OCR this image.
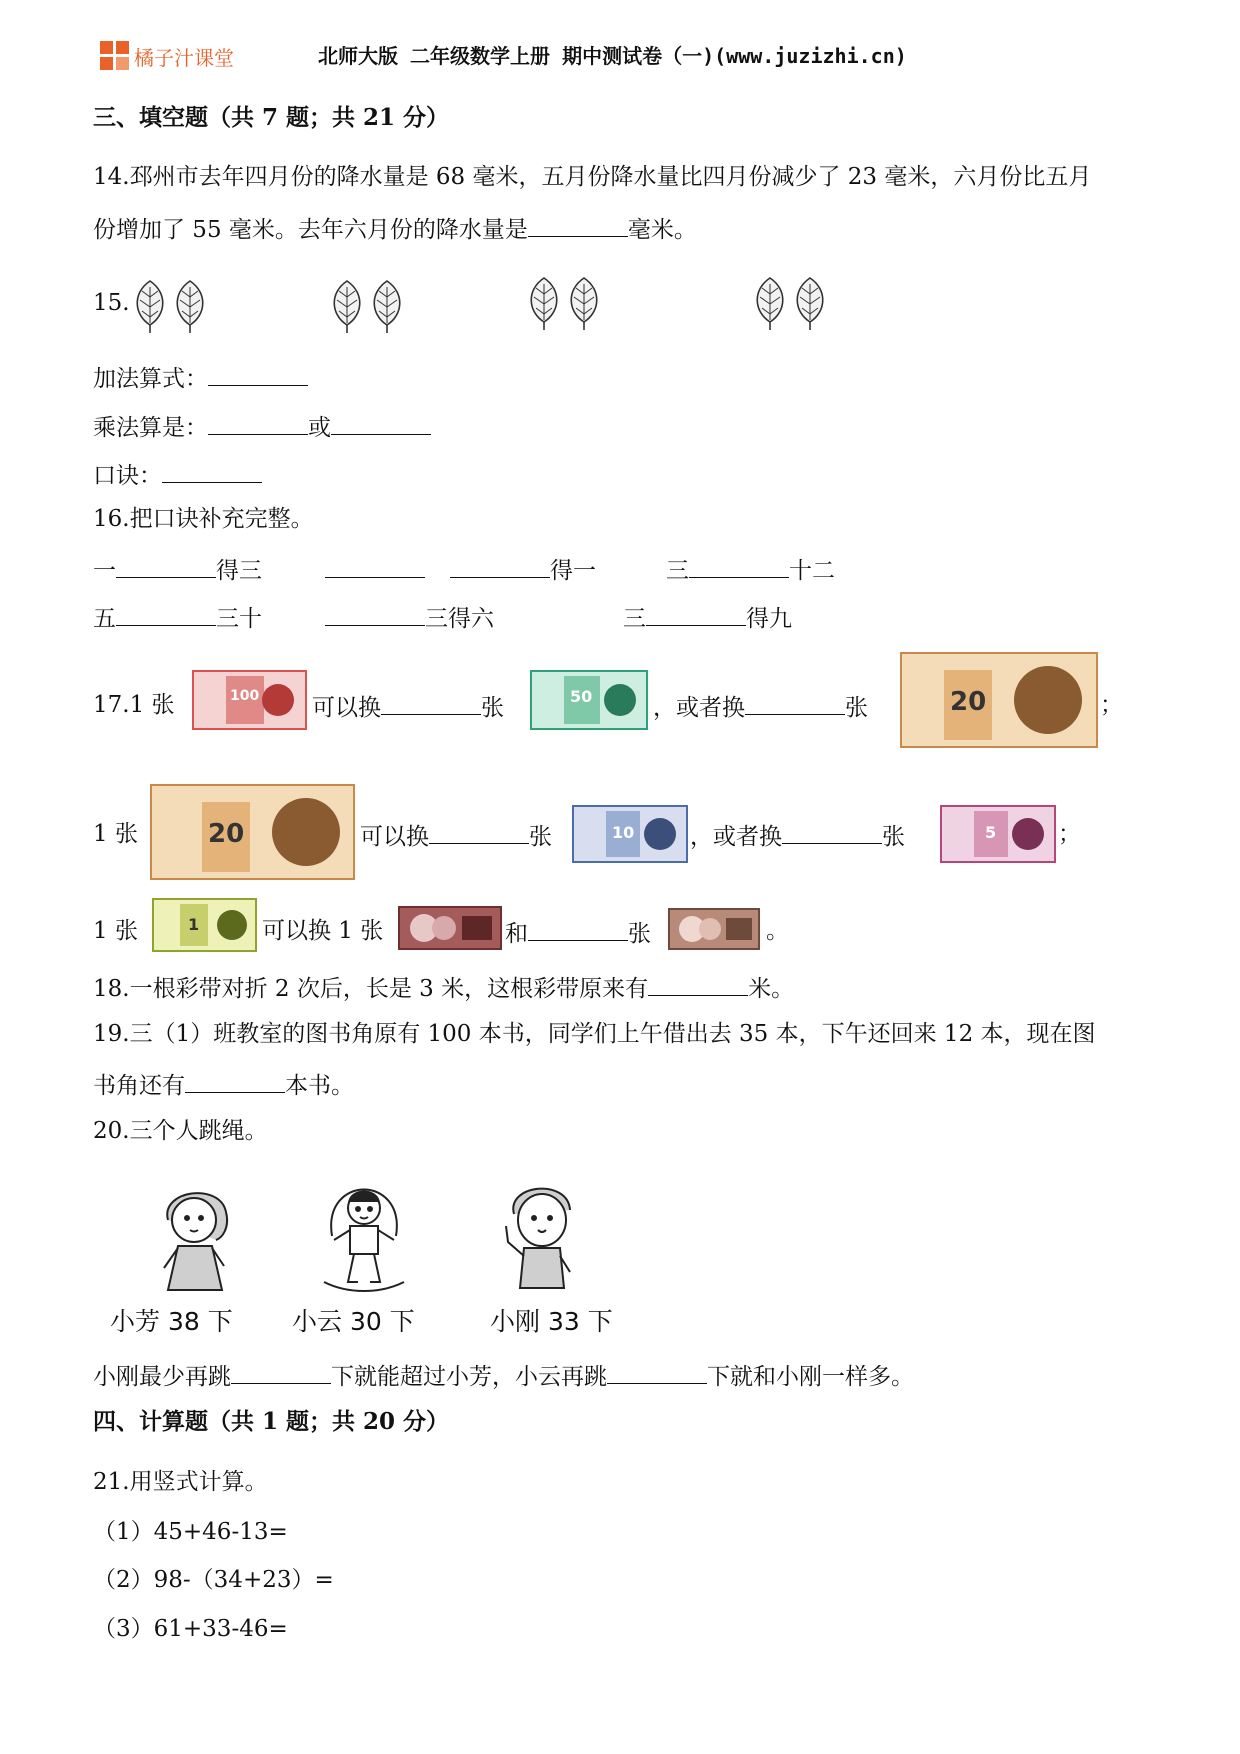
橘子汁课堂	北师大版 二年级数学上册 期中测试卷（一)(www.juzizhi.cn)
三、填空题（共 7 题；共 21 分）
14.邳州市去年四月份的降水量是 68 毫米，五月份降水量比四月份减少了 23 毫米，六月份比五月
份增加了 55 毫米。去年六月份的降水量是	毫米。
15.
加法算式：
乘法算是：	或
口诀：
16.把口诀补充完整。
一	得三	得一	三	十二
五	三十	三得六	三	得九
17.1 张	100 可以换	张	50	，或者换	张	20	；
1 张	20	可以换	张	10 ，或者换	张	5	；
1 张	1	可以换 1 张	和	张	。
18.一根彩带对折 2 次后，长是 3 米，这根彩带原来有	米。
19.三（1）班教室的图书角原有 100 本书，同学们上午借出去 35 本，下午还回来 12 本，现在图
书角还有	本书。
20.三个人跳绳。
小芳 38 下 小云 30 下	小刚 33 下
小刚最少再跳	下就能超过小芳，小云再跳	下就和小刚一样多。
四、计算题（共 1 题；共 20 分）
21.用竖式计算。
（1）45+46-13=
（2）98-（34+23）=
（3）61+33-46=
